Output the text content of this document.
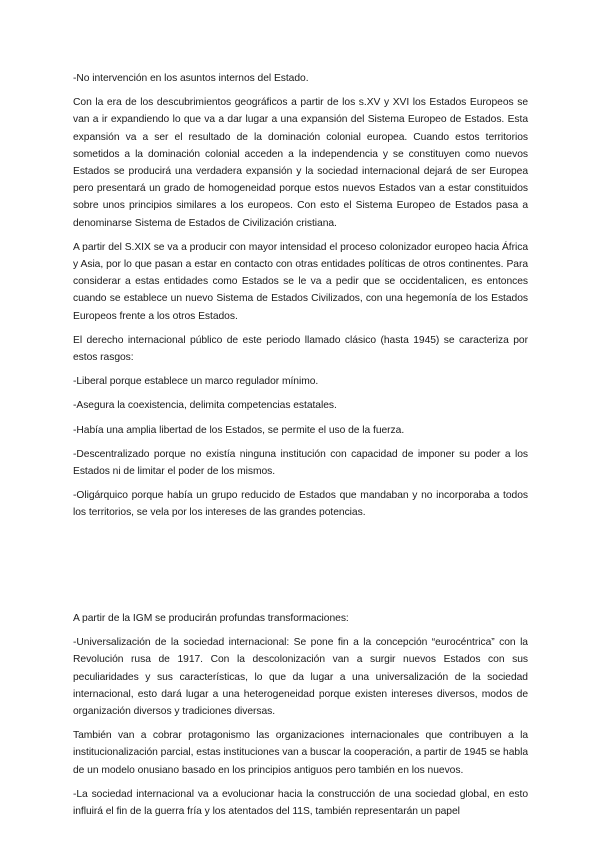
-No intervención en los asuntos internos del Estado.

Con la era de los descubrimientos geográficos a partir de los s.XV y XVI los Estados Europeos se van a ir expandiendo lo que va a dar lugar a una expansión del Sistema Europeo de Estados. Esta expansión va a ser el resultado de la dominación colonial europea. Cuando estos territorios sometidos a la dominación colonial acceden a la independencia y se constituyen como nuevos Estados se producirá una verdadera expansión y la sociedad internacional dejará de ser Europea pero presentará un grado de homogeneidad porque estos nuevos Estados van a estar constituidos sobre unos principios similares a los europeos. Con esto el Sistema Europeo de Estados pasa a denominarse Sistema de Estados de Civilización cristiana.

A partir del S.XIX se va a producir con mayor intensidad el proceso colonizador europeo hacia África y Asia, por lo que pasan a estar en contacto con otras entidades políticas de otros continentes. Para considerar a estas entidades como Estados se le va a pedir que se occidentalicen, es entonces cuando se establece un nuevo Sistema de Estados Civilizados, con una hegemonía de los Estados Europeos frente a los otros Estados.

El derecho internacional público de este periodo llamado clásico (hasta 1945) se caracteriza por estos rasgos:

-Liberal porque establece un marco regulador mínimo.

-Asegura la coexistencia, delimita competencias estatales.

-Había una amplia libertad de los Estados, se permite el uso de la fuerza.

-Descentralizado porque no existía ninguna institución con capacidad de imponer su poder a los Estados ni de limitar el poder de los mismos.

-Oligárquico porque había un grupo reducido de Estados que mandaban y no incorporaba a todos los territorios, se vela por los intereses de las grandes potencias.

A partir de la IGM se producirán profundas transformaciones:

-Universalización de la sociedad internacional: Se pone fin a la concepción “eurocéntrica” con la Revolución rusa de 1917. Con la descolonización van a surgir nuevos Estados con sus peculiaridades y sus características, lo que da lugar a una universalización de la sociedad internacional, esto dará lugar a una heterogeneidad porque existen intereses diversos, modos de organización diversos y tradiciones diversas.

También van a cobrar protagonismo las organizaciones internacionales que contribuyen a la institucionalización parcial, estas instituciones van a buscar la cooperación, a partir de 1945 se habla de un modelo onusiano basado en los principios antiguos pero también en los nuevos.

-La sociedad internacional va a evolucionar hacia la construcción de una sociedad global, en esto influirá el fin de la guerra fría y los atentados del 11S, también representarán un papel
